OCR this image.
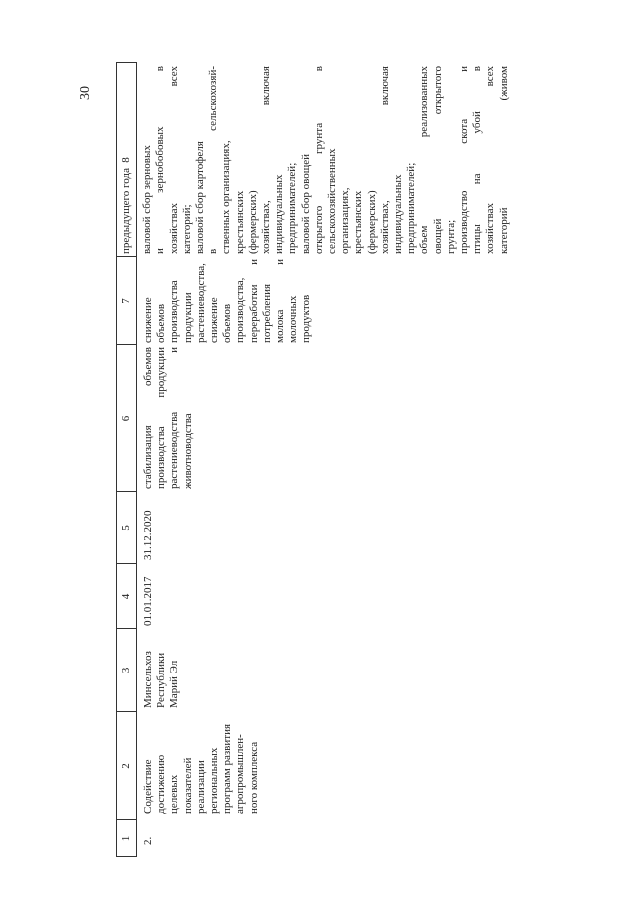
30
1
2
3
4
5
6
7
8
2.
Содействие достижению целевых показателей реализации региональных программ развития агропромышлен- ного комплекса
Минсельхоз Республики Марий Эл
01.01.2017
31.12.2020
стабилизация объемов производства продукции растениеводства и животноводства
снижение объемов производства продукции растениеводства, снижение объемов производства, переработки и потребления молока и молочных продуктов
предыдущего года валовой сбор зерновых и зернобобовых в хозяйствах всех категорий; валовой сбор картофеля в сельскохозяй- ственных организациях, крестьянских (фермерских) хозяйствах, включая индивидуальных предпринимателей; валовой сбор овощей открытого грунта в сельскохозяйственных организациях, крестьянских (фермерских) хозяйствах, включая индивидуальных предпринимателей; объем реализованных овощей открытого грунта; производство скота и птицы на убой в хозяйствах всех категорий (живом
